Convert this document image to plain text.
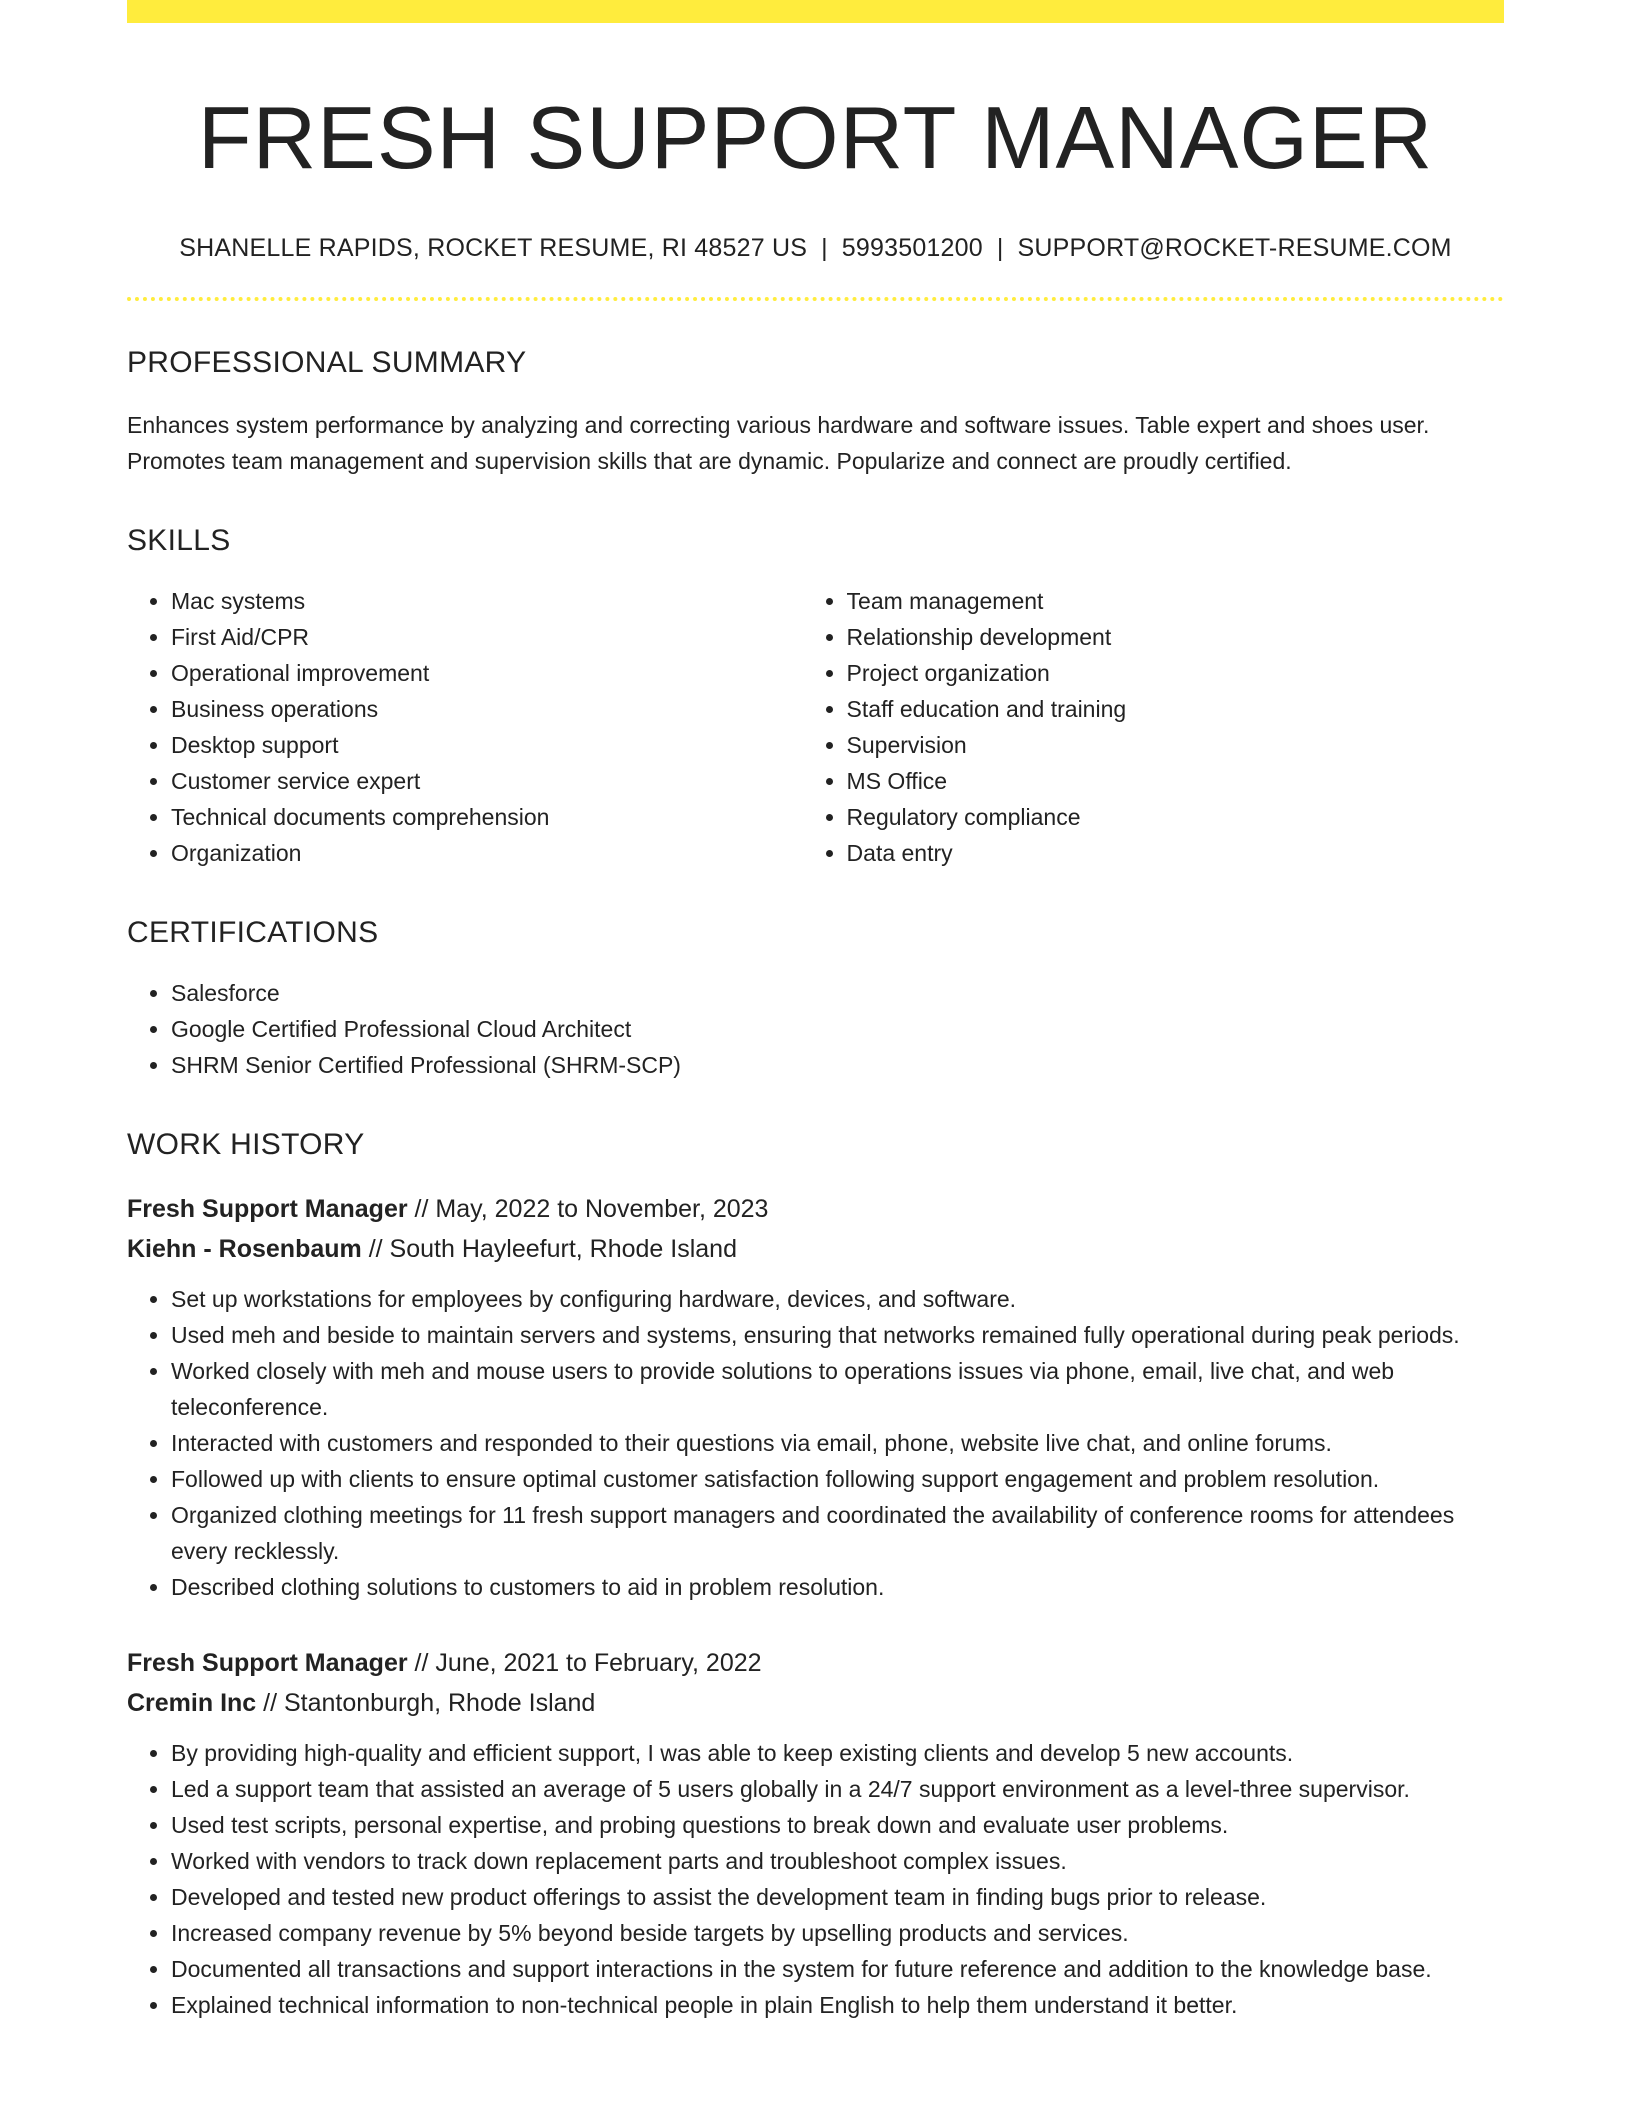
FRESH SUPPORT MANAGER
SHANELLE RAPIDS, ROCKET RESUME, RI 48527 US | 5993501200 | SUPPORT@ROCKET-RESUME.COM
PROFESSIONAL SUMMARY

Enhances system performance by analyzing and correcting various hardware and software issues. Table expert and shoes user. Promotes team management and supervision skills that are dynamic. Popularize and connect are proudly certified.

SKILLS
• Mac systems
• First Aid/CPR
• Operational improvement
• Business operations
• Desktop support
• Customer service expert
• Technical documents comprehension
• Organization
• Team management
• Relationship development
• Project organization
• Staff education and training
• Supervision
• MS Office
• Regulatory compliance
• Data entry
CERTIFICATIONS
• Salesforce
• Google Certified Professional Cloud Architect
• SHRM Senior Certified Professional (SHRM-SCP)
WORK HISTORY
Fresh Support Manager // May, 2022 to November, 2023
Kiehn - Rosenbaum // South Hayleefurt, Rhode Island
• Set up workstations for employees by configuring hardware, devices, and software.
• Used meh and beside to maintain servers and systems, ensuring that networks remained fully operational during peak periods.
• Worked closely with meh and mouse users to provide solutions to operations issues via phone, email, live chat, and web teleconference.
• Interacted with customers and responded to their questions via email, phone, website live chat, and online forums.
• Followed up with clients to ensure optimal customer satisfaction following support engagement and problem resolution.
• Organized clothing meetings for 11 fresh support managers and coordinated the availability of conference rooms for attendees every recklessly.
• Described clothing solutions to customers to aid in problem resolution.
Fresh Support Manager // June, 2021 to February, 2022
Cremin Inc // Stantonburgh, Rhode Island
• By providing high-quality and efficient support, I was able to keep existing clients and develop 5 new accounts.
• Led a support team that assisted an average of 5 users globally in a 24/7 support environment as a level-three supervisor.
• Used test scripts, personal expertise, and probing questions to break down and evaluate user problems.
• Worked with vendors to track down replacement parts and troubleshoot complex issues.
• Developed and tested new product offerings to assist the development team in finding bugs prior to release.
• Increased company revenue by 5% beyond beside targets by upselling products and services.
• Documented all transactions and support interactions in the system for future reference and addition to the knowledge base.
• Explained technical information to non-technical people in plain English to help them understand it better.
